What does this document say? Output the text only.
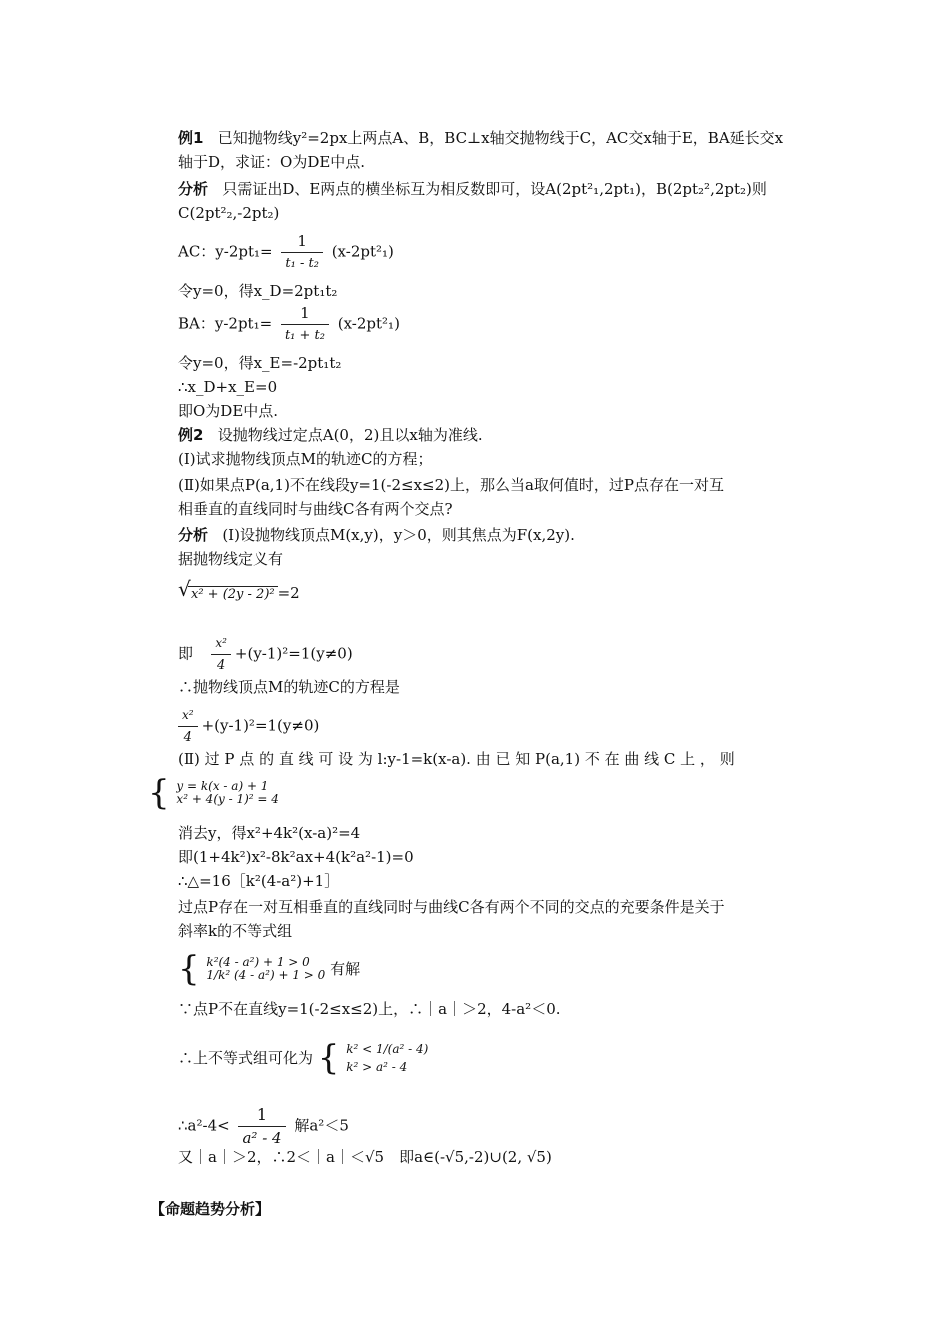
例1 已知抛物线y²=2px上两点A、B，BC⊥x轴交抛物线于C，AC交x轴于E，BA延长交x
轴于D，求证：O为DE中点.
分析 只需证出D、E两点的横坐标互为相反数即可，设A(2pt²₁,2pt₁)，B(2pt₂²,2pt₂)则
C(2pt²₂,-2pt₂)
AC：$y-2pt_1= \frac{1}{\text{t₁ - t₂}} (x-2pt^2_1)$
令y=0，得x_D=2pt₁t₂
BA：$y-2pt_1= \frac{1}{\text{t₁ + t₂}} (x-2pt^2_1)$
令y=0，得x_E=-2pt₁t₂
∴x_D+x_E=0
即O为DE中点.
例2 设抛物线过定点A(0，2)且以x轴为准线.
(Ⅰ)试求抛物线顶点M的轨迹C的方程；
(Ⅱ)如果点P(a,1)不在线段y=1(-2≤x≤2)上，那么当a取何值时，过P点存在一对互
相垂直的直线同时与曲线C各有两个交点?
分析 (Ⅰ)设抛物线顶点M(x,y)，y＞0，则其焦点为F(x,2y).
据抛物线定义有
√ x² + (2y - 2)² =2
即 $\frac{\text{x²}}{4} +(y-1)^2=1(y\ne 0)$
∴抛物线顶点M的轨迹C的方程是
$\frac{\text{x²}}{4} +(y-1)^2=1(y\ne 0)$
(Ⅱ) 过 P 点 的 直 线 可 设 为 l:y-1=k(x-a). 由 已 知 P(a,1) 不 在 曲 线 C 上 ， 则
{ y = k(x - a) + 1
x² + 4(y - 1)² = 4
消去y，得x²+4k²(x-a)²=4
即(1+4k²)x²-8k²ax+4(k²a²-1)=0
∴△=16［k²(4-a²)+1］
过点P存在一对互相垂直的直线同时与曲线C各有两个不同的交点的充要条件是关于
斜率k的不等式组
{ k²(4 - a²) + 1 > 0
1/k² (4 - a²) + 1 > 0 有解
∵点P不在直线y=1(-2≤x≤2)上，∴｜a｜＞2，4-a²＜0.
∴上不等式组可化为 { k² < 1/(a² - 4)
k² > a² - 4
∴a²-4< $\frac{1}{\text{a² - 4}}$ 解a²＜5
又｜a｜＞2，∴2＜｜a｜＜√5　即a∈(-√5,-2)∪(2, √5)
【命题趋势分析】
